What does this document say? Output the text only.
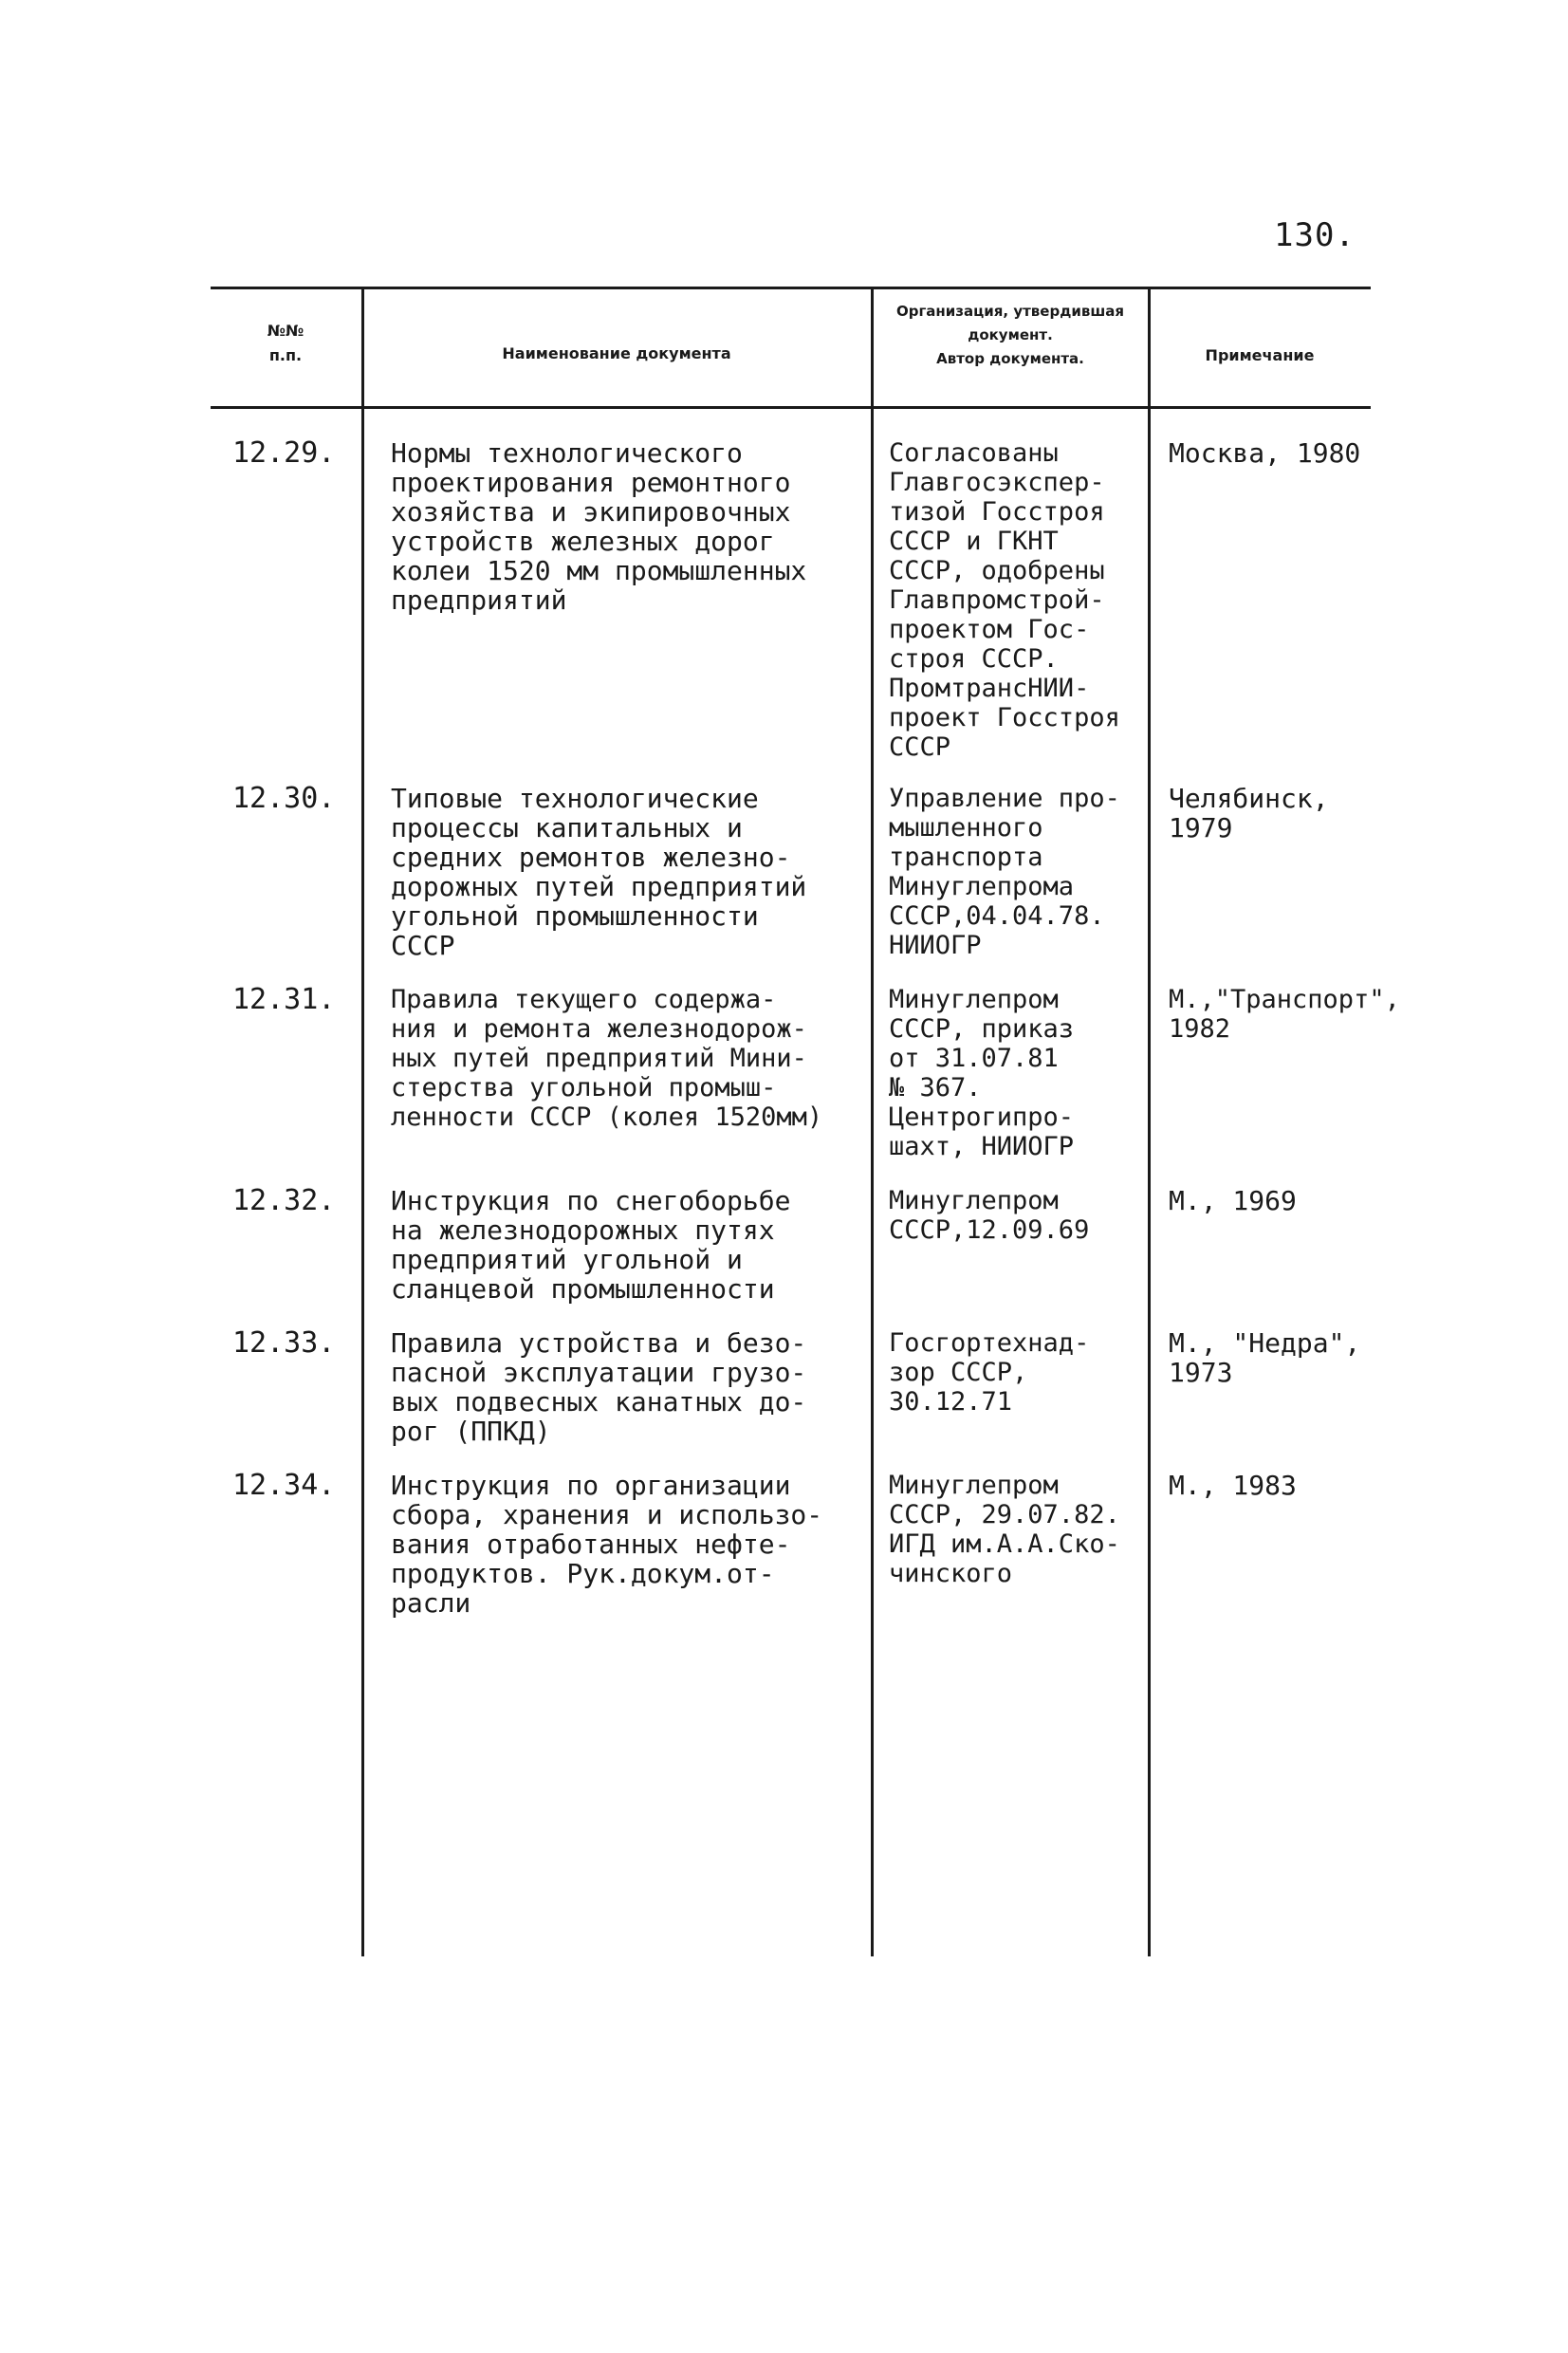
130.
№№
п.п.	Наименование документа
Организация, утвердившая документ.
Автор документа.	Примечание
12.29. Нормы технологического
проектирования ремонтного
хозяйства и экипировочных
устройств железных дорог
колеи 1520 мм промышленных
предприятий
Согласованы
Главгосэкспер-
тизой Госстроя
СССР и ГКНТ
СССР, одобрены
Главпромстрой-
проектом Гос-
строя СССР.
ПромтрансНИИ-
проект Госстроя
СССР
Москва, 1980
12.30. Типовые технологические
процессы капитальных и
средних ремонтов железно-
дорожных путей предприятий
угольной промышленности
СССР
Управление про-
мышленного
транспорта
Минуглепрома
СССР,04.04.78.
НИИОГР
Челябинск,
1979
12.31. Правила текущего содержа-
ния и ремонта железнодорож-
ных путей предприятий Мини-
стерства угольной промыш-
ленности СССР (колея 1520мм)
Минуглепром
СССР, приказ
от 31.07.81
№ 367.
Центрогипро-
шахт, НИИОГР
М.,"Транспорт",
1982
12.32. Инструкция по снегоборьбе
на железнодорожных путях
предприятий угольной и
сланцевой промышленности
Минуглепром
СССР,12.09.69
М., 1969
12.33. Правила устройства и безо-
пасной эксплуатации грузо-
вых подвесных канатных до-
рог (ППКД)
Госгортехнад-
зор СССР,
30.12.71
М., "Недра",
1973
12.34. Инструкция по организации
сбора, хранения и использо-
вания отработанных нефте-
продуктов. Рук.докум.от-
расли
Минуглепром
СССР, 29.07.82.
ИГД им.А.А.Ско-
чинского
М., 1983
